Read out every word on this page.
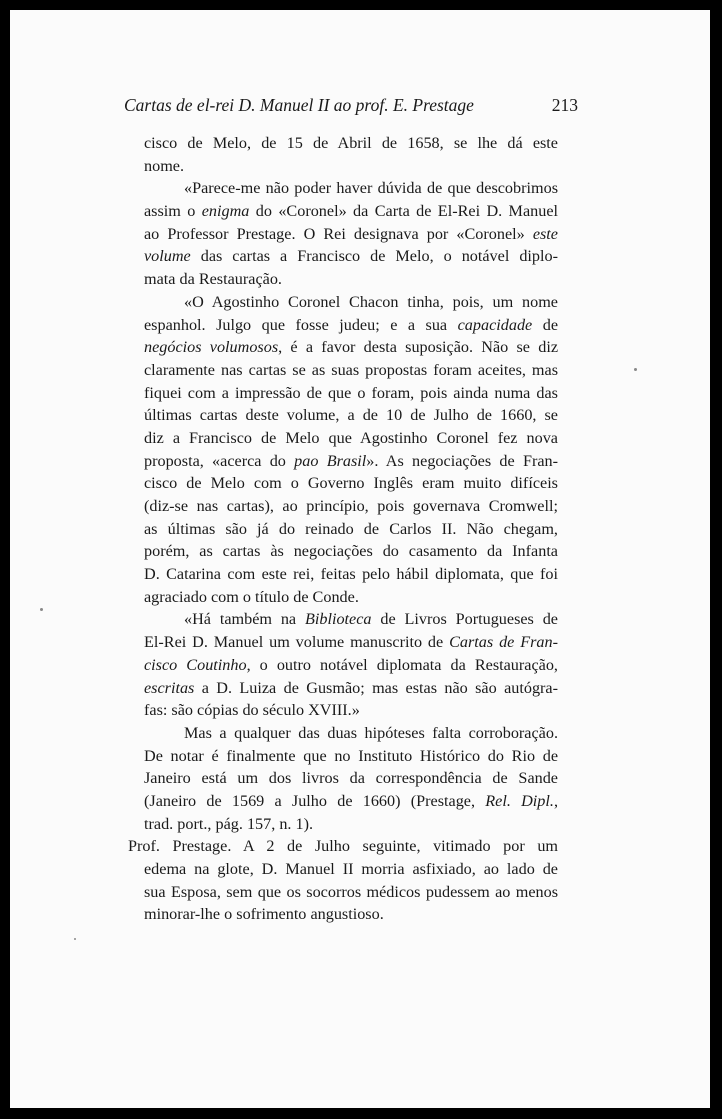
Cartas de el-rei D. Manuel II ao prof. E. Prestage	213
cisco de Melo, de 15 de Abril de 1658, se lhe dá este
nome.
«Parece-me não poder haver dúvida de que descobrimos
assim o enigma do «Coronel» da Carta de El-Rei D. Manuel
ao Professor Prestage. O Rei designava por «Coronel» este
volume das cartas a Francisco de Melo, o notável diplo-
mata da Restauração.
«O Agostinho Coronel Chacon tinha, pois, um nome
espanhol. Julgo que fosse judeu; e a sua capacidade de
negócios volumosos, é a favor desta suposição. Não se diz
claramente nas cartas se as suas propostas foram aceites, mas
fiquei com a impressão de que o foram, pois ainda numa das
últimas cartas deste volume, a de 10 de Julho de 1660, se
diz a Francisco de Melo que Agostinho Coronel fez nova
proposta, «acerca do pao Brasil». As negociações de Fran-
cisco de Melo com o Governo Inglês eram muito difíceis
(diz-se nas cartas), ao princípio, pois governava Cromwell;
as últimas são já do reinado de Carlos II. Não chegam,
porém, as cartas às negociações do casamento da Infanta
D. Catarina com este rei, feitas pelo hábil diplomata, que foi
agraciado com o título de Conde.
«Há também na Biblioteca de Livros Portugueses de
El-Rei D. Manuel um volume manuscrito de Cartas de Fran-
cisco Coutinho, o outro notável diplomata da Restauração,
escritas a D. Luiza de Gusmão; mas estas não são autógra-
fas: são cópias do século XVIII.»
Mas a qualquer das duas hipóteses falta corroboração.
De notar é finalmente que no Instituto Histórico do Rio de
Janeiro está um dos livros da correspondência de Sande
(Janeiro de 1569 a Julho de 1660) (Prestage, Rel. Dipl.,
trad. port., pág. 157, n. 1).
Prof. Prestage. A 2 de Julho seguinte, vitimado por um
edema na glote, D. Manuel II morria asfixiado, ao lado de
sua Esposa, sem que os socorros médicos pudessem ao menos
minorar-lhe o sofrimento angustioso.
